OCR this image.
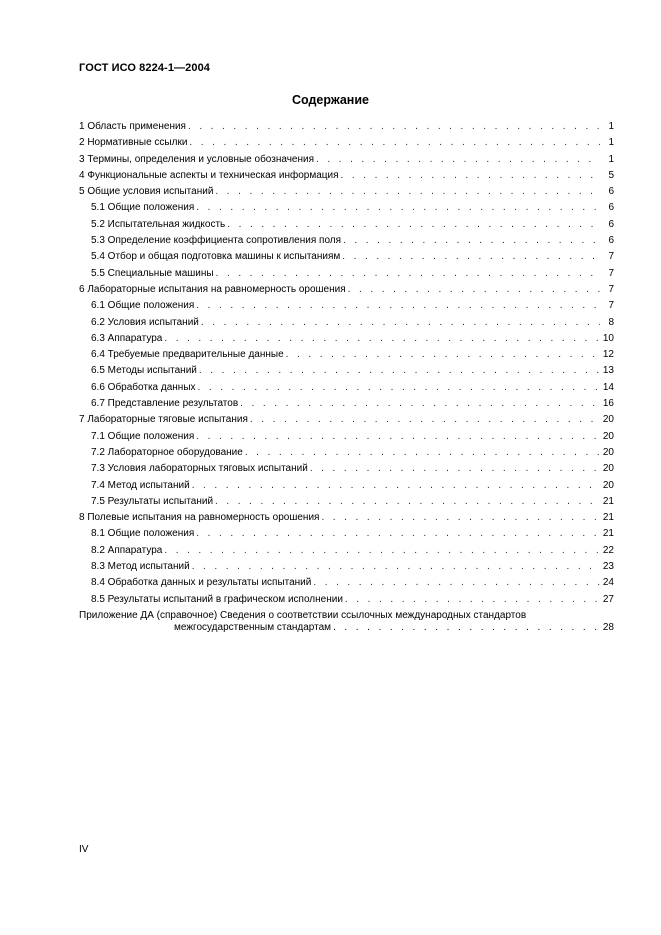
ГОСТ ИСО 8224-1—2004
Содержание
1 Область применения . . .	1
2 Нормативные ссылки . . .	1
3 Термины, определения и условные обозначения . . .	1
4 Функциональные аспекты и техническая информация . . .	5
5 Общие условия испытаний . . .	6
5.1 Общие положения . . .	6
5.2 Испытательная жидкость . . .	6
5.3 Определение коэффициента сопротивления поля . . .	6
5.4 Отбор и общая подготовка машины к испытаниям . . .	7
5.5 Специальные машины . . .	7
6 Лабораторные испытания на равномерность орошения . . .	7
6.1 Общие положения . . .	7
6.2 Условия испытаний . . .	8
6.3 Аппаратура . . .	10
6.4 Требуемые предварительные данные . . .	12
6.5 Методы испытаний . . .	13
6.6 Обработка данных . . .	14
6.7 Представление результатов . . .	16
7 Лабораторные тяговые испытания . . .	20
7.1 Общие положения . . .	20
7.2 Лабораторное оборудование . . .	20
7.3 Условия лабораторных тяговых испытаний . . .	20
7.4 Метод испытаний . . .	20
7.5 Результаты испытаний . . .	21
8 Полевые испытания на равномерность орошения . . .	21
8.1 Общие положения . . .	21
8.2 Аппаратура . . .	22
8.3 Метод испытаний . . .	23
8.4 Обработка данных и результаты испытаний . . .	24
8.5 Результаты испытаний в графическом исполнении . . .	27
Приложение ДА (справочное) Сведения о соответствии ссылочных международных стандартов
межгосударственным стандартам . . .	28
IV
